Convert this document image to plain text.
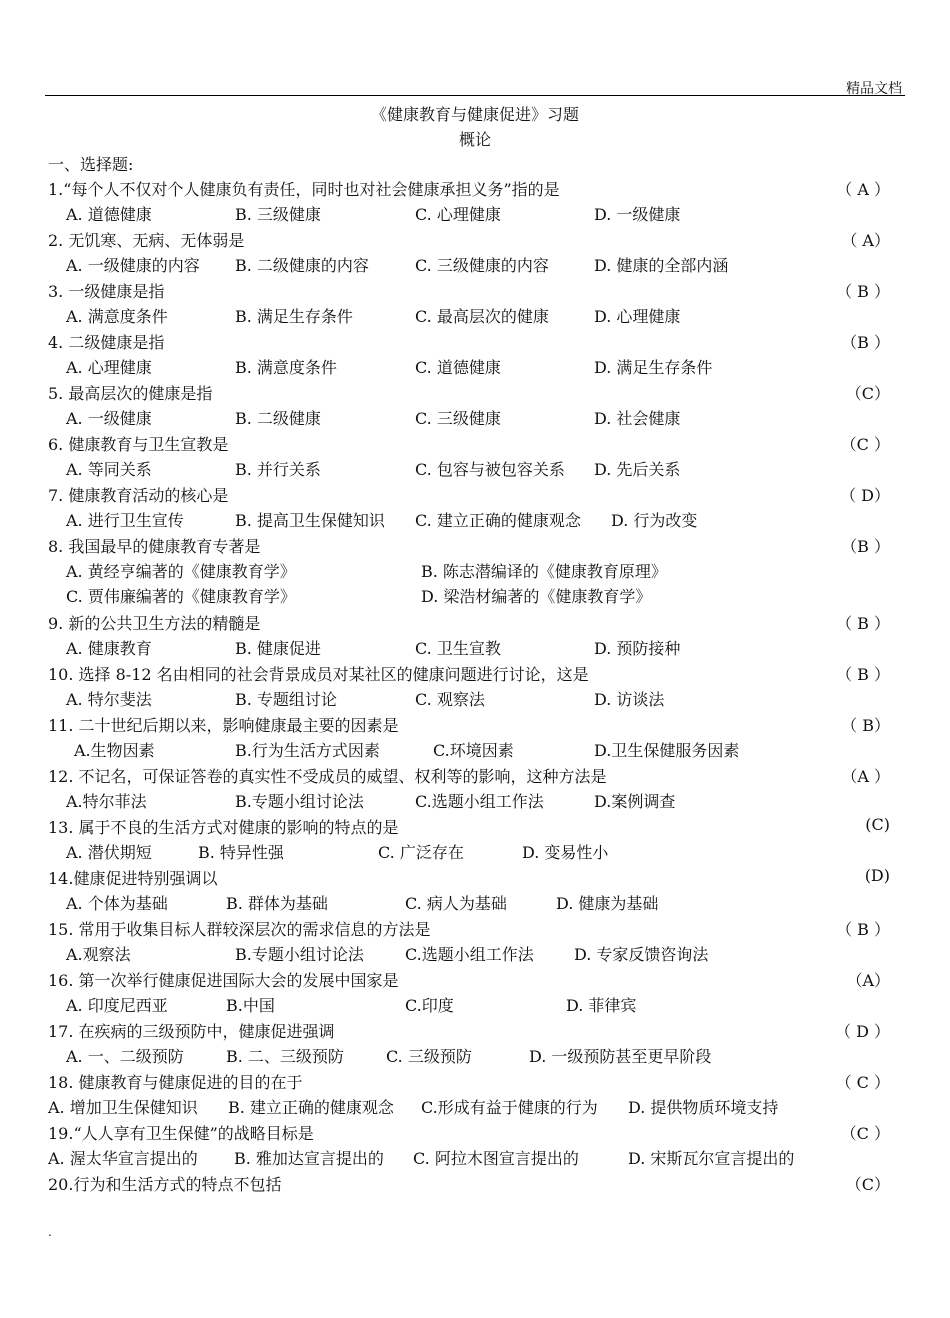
精品文档
《健康教育与健康促进》习题
概论
一、选择题:
1.“每个人不仅对个人健康负有责任，同时也对社会健康承担义务”指的是	（ A ）
A. 道德健康	B. 三级健康	C. 心理健康	D. 一级健康
2. 无饥寒、无病、无体弱是	（ A）
A. 一级健康的内容 B. 二级健康的内容	C. 三级健康的内容	D. 健康的全部内涵
3. 一级健康是指	（ B ）
A. 满意度条件	B. 满足生存条件	C. 最高层次的健康	D. 心理健康
4. 二级健康是指	（B ）
A. 心理健康	B. 满意度条件	C. 道德健康	D. 满足生存条件
5. 最高层次的健康是指	（C）
A. 一级健康	B. 二级健康	C. 三级健康	D. 社会健康
6. 健康教育与卫生宣教是	（C ）
A. 等同关系	B. 并行关系	C. 包容与被包容关系 D. 先后关系
7. 健康教育活动的核心是	（ D）
A. 进行卫生宣传	B. 提高卫生保健知识 C. 建立正确的健康观念 D. 行为改变
8. 我国最早的健康教育专著是	（B ）
A. 黄经亨编著的《健康教育学》	B. 陈志潜编译的《健康教育原理》
C. 贾伟廉编著的《健康教育学》	D. 梁浩材编著的《健康教育学》
9. 新的公共卫生方法的精髓是	（ B ）
A. 健康教育	B. 健康促进	C. 卫生宣教	D. 预防接种
10. 选择 8-12 名由相同的社会背景成员对某社区的健康问题进行讨论，这是	（ B ）
A. 特尔斐法	B. 专题组讨论	C. 观察法	D. 访谈法
11. 二十世纪后期以来，影响健康最主要的因素是	（ B）
A.生物因素	B.行为生活方式因素	C.环境因素	D.卫生保健服务因素
12. 不记名，可保证答卷的真实性不受成员的威望、权利等的影响，这种方法是	（A ）
A.特尔菲法	B.专题小组讨论法	C.选题小组工作法	D.案例调查
13. 属于不良的生活方式对健康的影响的特点的是	(C)
A. 潜伏期短	B. 特异性强	C. 广泛存在	D. 变易性小
14.健康促进特别强调以	(D)
A. 个体为基础	B. 群体为基础	C. 病人为基础	D. 健康为基础
15. 常用于收集目标人群较深层次的需求信息的方法是	（ B ）
A.观察法	B.专题小组讨论法	C.选题小组工作法	D. 专家反馈咨询法
16. 第一次举行健康促进国际大会的发展中国家是	（A）
A. 印度尼西亚	B.中国	C.印度	D. 菲律宾
17. 在疾病的三级预防中，健康促进强调	（ D ）
A. 一、二级预防	B. 二、三级预防	C. 三级预防	D. 一级预防甚至更早阶段
18. 健康教育与健康促进的目的在于	（ C ）
A. 增加卫生保健知识 B. 建立正确的健康观念 C.形成有益于健康的行为 D. 提供物质环境支持
19.“人人享有卫生保健”的战略目标是	（C ）
A. 渥太华宣言提出的 B. 雅加达宣言提出的 C. 阿拉木图宣言提出的	D. 宋斯瓦尔宣言提出的
20.行为和生活方式的特点不包括	（C）
.
